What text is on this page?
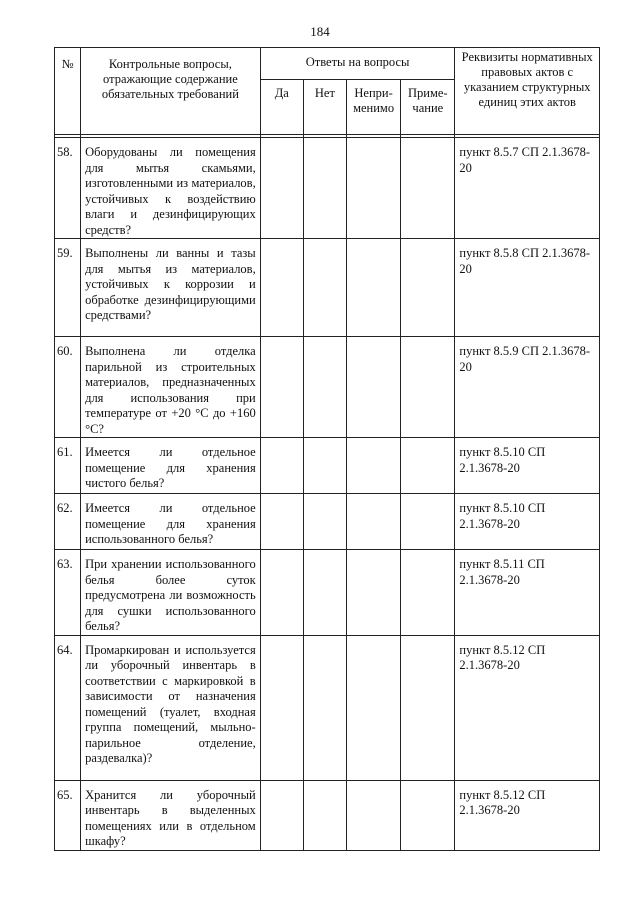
184
№	Контрольные вопросы, отражающие содержание обязательных требований	Ответы на вопросы				Реквизиты нормативных правовых актов с указанием структурных единиц этих актов
		Да	Нет	Непри- менимо	Приме- чание	

58.	Оборудованы ли помещения для мытья скамьями, изготовленными из материалов, устойчивых к воздействию влаги и дезинфицирующих средств?					пункт 8.5.7 СП 2.1.3678-20
59.	Выполнены ли ванны и тазы для мытья из материалов, устойчивых к коррозии и обработке дезинфицирующими средствами?					пункт 8.5.8 СП 2.1.3678-20
60.	Выполнена ли отделка парильной из строительных материалов, предназначенных для использования при температуре от +20 °С до +160 °С?					пункт 8.5.9 СП 2.1.3678-20
61.	Имеется ли отдельное помещение для хранения чистого белья?					пункт 8.5.10 СП 2.1.3678-20
62.	Имеется ли отдельное помещение для хранения использованного белья?					пункт 8.5.10 СП 2.1.3678-20
63.	При хранении использованного белья более суток предусмотрена ли возможность для сушки использованного белья?					пункт 8.5.11 СП 2.1.3678-20
64.	Промаркирован и используется ли уборочный инвентарь в соответствии с маркировкой в зависимости от назначения помещений (туалет, входная группа помещений, мыльно-парильное отделение, раздевалка)?					пункт 8.5.12 СП 2.1.3678-20
65.	Хранится ли уборочный инвентарь в выделенных помещениях или в отдельном шкафу?					пункт 8.5.12 СП 2.1.3678-20
